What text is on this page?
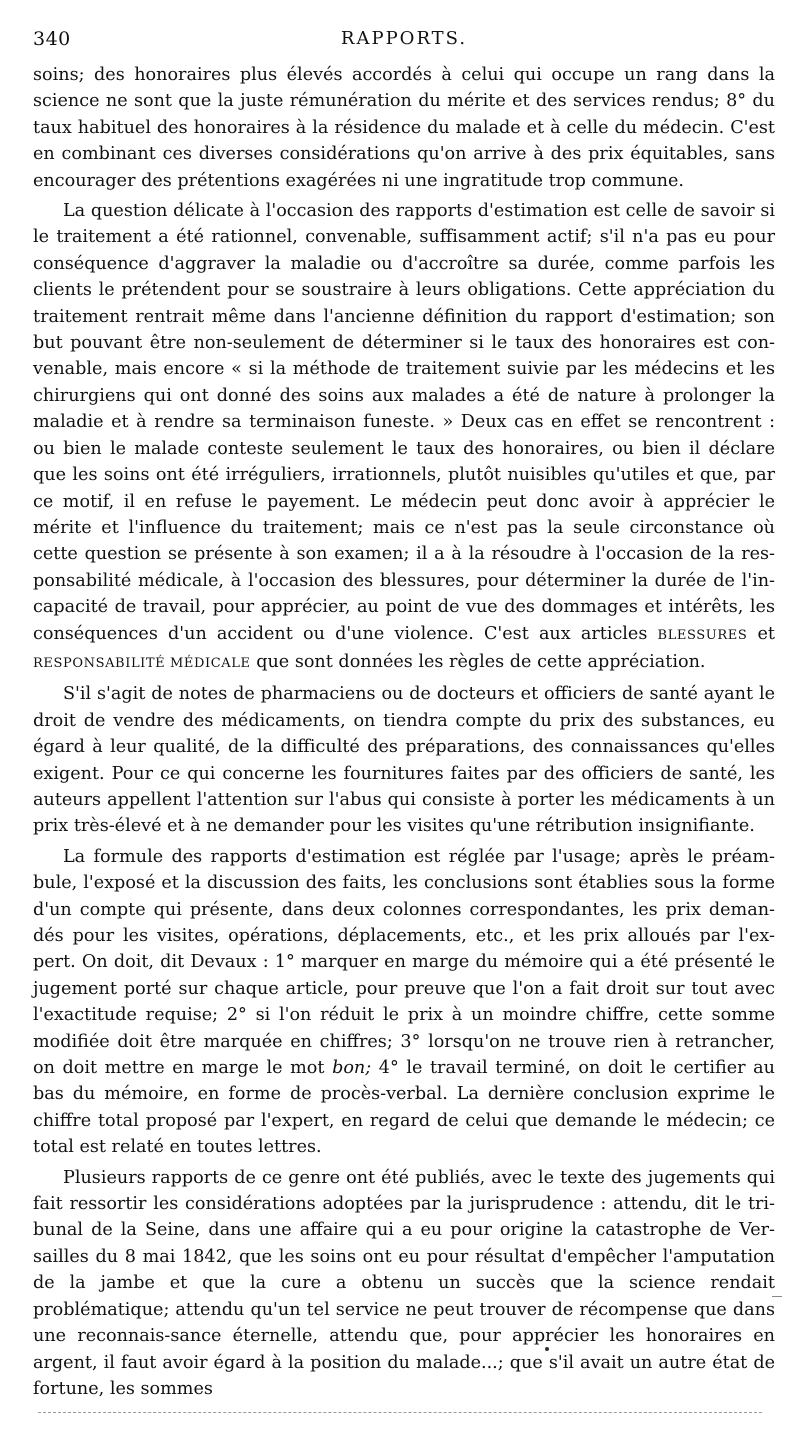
340	RAPPORTS.

soins; des honoraires plus élevés accordés à celui qui occupe un rang dans la science ne sont que la juste rémunération du mérite et des services rendus; 8° du taux habituel des honoraires à la résidence du malade et à celle du médecin. C'est en combinant ces diverses considérations qu'on arrive à des prix équitables, sans encourager des prétentions exagérées ni une ingratitude trop commune.

La question délicate à l'occasion des rapports d'estimation est celle de savoir si le traitement a été rationnel, convenable, suffisamment actif; s'il n'a pas eu pour conséquence d'aggraver la maladie ou d'accroître sa durée, comme parfois les clients le prétendent pour se soustraire à leurs obligations. Cette appréciation du traitement rentrait même dans l'ancienne définition du rapport d'estimation; son but pouvant être non-seulement de déterminer si le taux des honoraires est con-venable, mais encore « si la méthode de traitement suivie par les médecins et les chirurgiens qui ont donné des soins aux malades a été de nature à prolonger la maladie et à rendre sa terminaison funeste. » Deux cas en effet se rencontrent : ou bien le malade conteste seulement le taux des honoraires, ou bien il déclare que les soins ont été irréguliers, irrationnels, plutôt nuisibles qu'utiles et que, par ce motif, il en refuse le payement. Le médecin peut donc avoir à apprécier le mérite et l'influence du traitement; mais ce n'est pas la seule circonstance où cette question se présente à son examen; il a à la résoudre à l'occasion de la res-ponsabilité médicale, à l'occasion des blessures, pour déterminer la durée de l'in-capacité de travail, pour apprécier, au point de vue des dommages et intérêts, les conséquences d'un accident ou d'une violence. C'est aux articles BLESSURES et RESPONSABILITÉ MÉDICALE que sont données les règles de cette appréciation.

S'il s'agit de notes de pharmaciens ou de docteurs et officiers de santé ayant le droit de vendre des médicaments, on tiendra compte du prix des substances, eu égard à leur qualité, de la difficulté des préparations, des connaissances qu'elles exigent. Pour ce qui concerne les fournitures faites par des officiers de santé, les auteurs appellent l'attention sur l'abus qui consiste à porter les médicaments à un prix très-élevé et à ne demander pour les visites qu'une rétribution insignifiante.

La formule des rapports d'estimation est réglée par l'usage; après le préam-bule, l'exposé et la discussion des faits, les conclusions sont établies sous la forme d'un compte qui présente, dans deux colonnes correspondantes, les prix deman-dés pour les visites, opérations, déplacements, etc., et les prix alloués par l'ex-pert. On doit, dit Devaux : 1° marquer en marge du mémoire qui a été présenté le jugement porté sur chaque article, pour preuve que l'on a fait droit sur tout avec l'exactitude requise; 2° si l'on réduit le prix à un moindre chiffre, cette somme modifiée doit être marquée en chiffres; 3° lorsqu'on ne trouve rien à retrancher, on doit mettre en marge le mot bon; 4° le travail terminé, on doit le certifier au bas du mémoire, en forme de procès-verbal. La dernière conclusion exprime le chiffre total proposé par l'expert, en regard de celui que demande le médecin; ce total est relaté en toutes lettres.

Plusieurs rapports de ce genre ont été publiés, avec le texte des jugements qui fait ressortir les considérations adoptées par la jurisprudence : attendu, dit le tri-bunal de la Seine, dans une affaire qui a eu pour origine la catastrophe de Ver-sailles du 8 mai 1842, que les soins ont eu pour résultat d'empêcher l'amputation de la jambe et que la cure a obtenu un succès que la science rendait problématique; attendu qu'un tel service ne peut trouver de récompense que dans une reconnais-sance éternelle, attendu que, pour apprécier les honoraires en argent, il faut avoir égard à la position du malade...; que s'il avait un autre état de fortune, les sommes
